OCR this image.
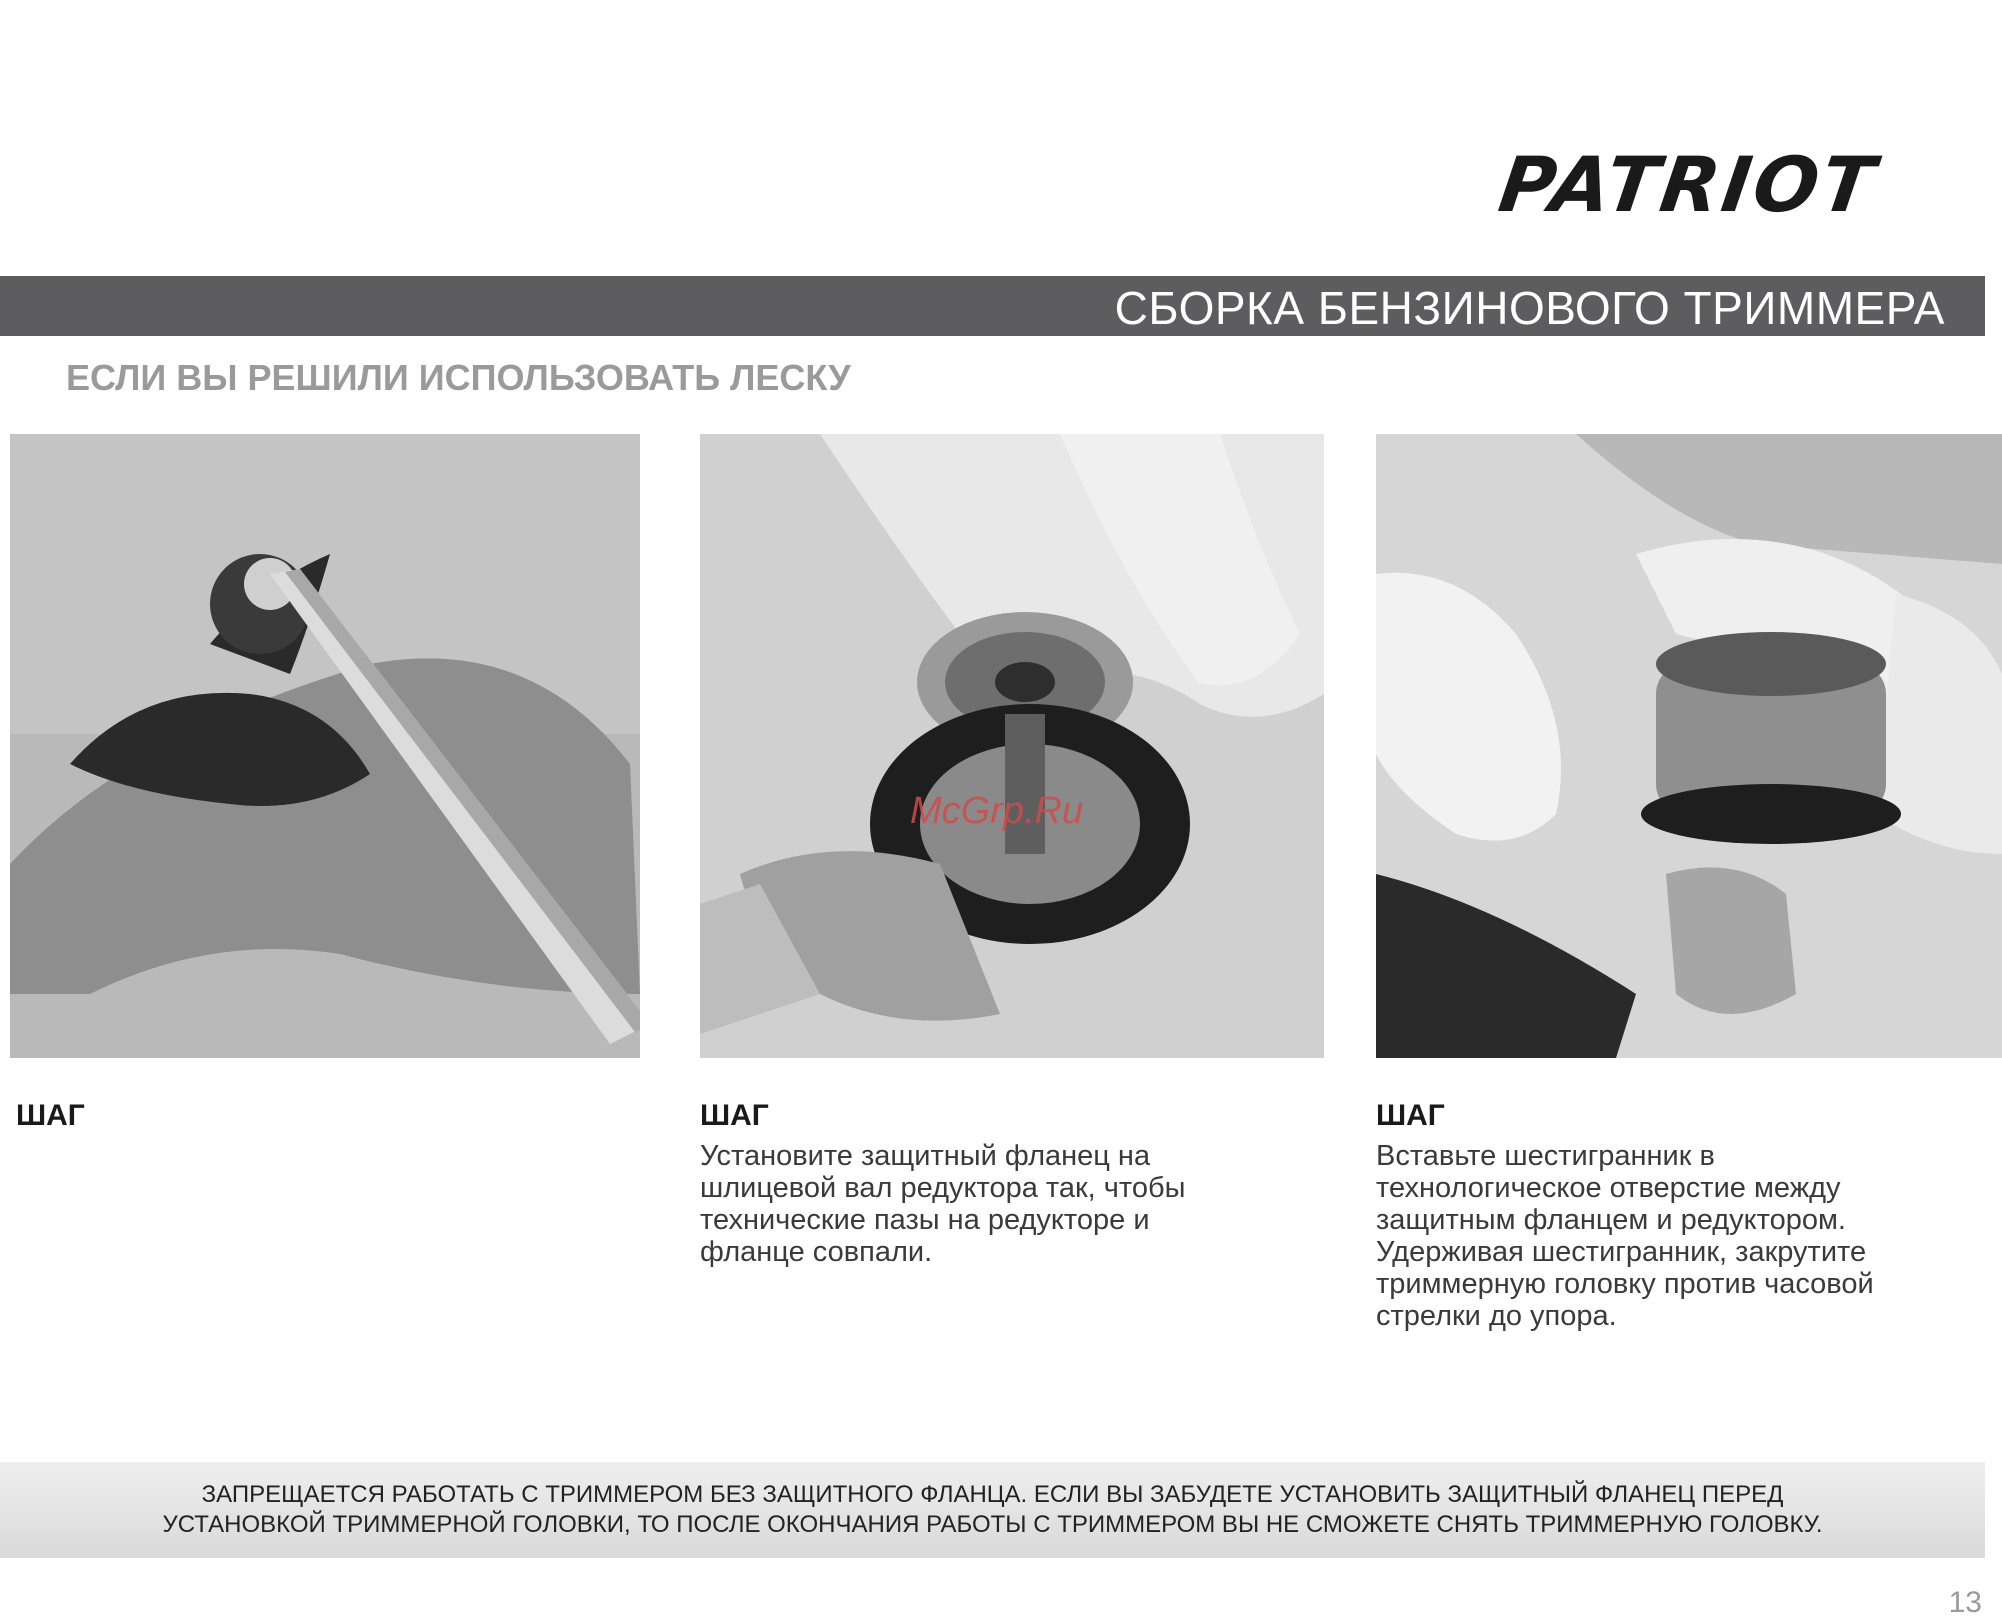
PATRIOT
СБОРКА БЕНЗИНОВОГО ТРИММЕРА
ЕСЛИ ВЫ РЕШИЛИ ИСПОЛЬЗОВАТЬ ЛЕСКУ
McGrp.Ru
ШАГ	ШАГ
Установите защитный фланец на
шлицевой вал редуктора так, чтобы
технические пазы на редукторе и
фланце совпали.
ШАГ
Вставьте шестигранник в
технологическое отверстие между
защитным фланцем и редуктором.
Удерживая шестигранник, закрутите
триммерную головку против часовой
стрелки до упора.
ЗАПРЕЩАЕТСЯ РАБОТАТЬ С ТРИММЕРОМ БЕЗ ЗАЩИТНОГО ФЛАНЦА. ЕСЛИ ВЫ ЗАБУДЕТЕ УСТАНОВИТЬ ЗАЩИТНЫЙ ФЛАНЕЦ ПЕРЕД
УСТАНОВКОЙ ТРИММЕРНОЙ ГОЛОВКИ, ТО ПОСЛЕ ОКОНЧАНИЯ РАБОТЫ С ТРИММЕРОМ ВЫ НЕ СМОЖЕТЕ СНЯТЬ ТРИММЕРНУЮ ГОЛОВКУ.
13
